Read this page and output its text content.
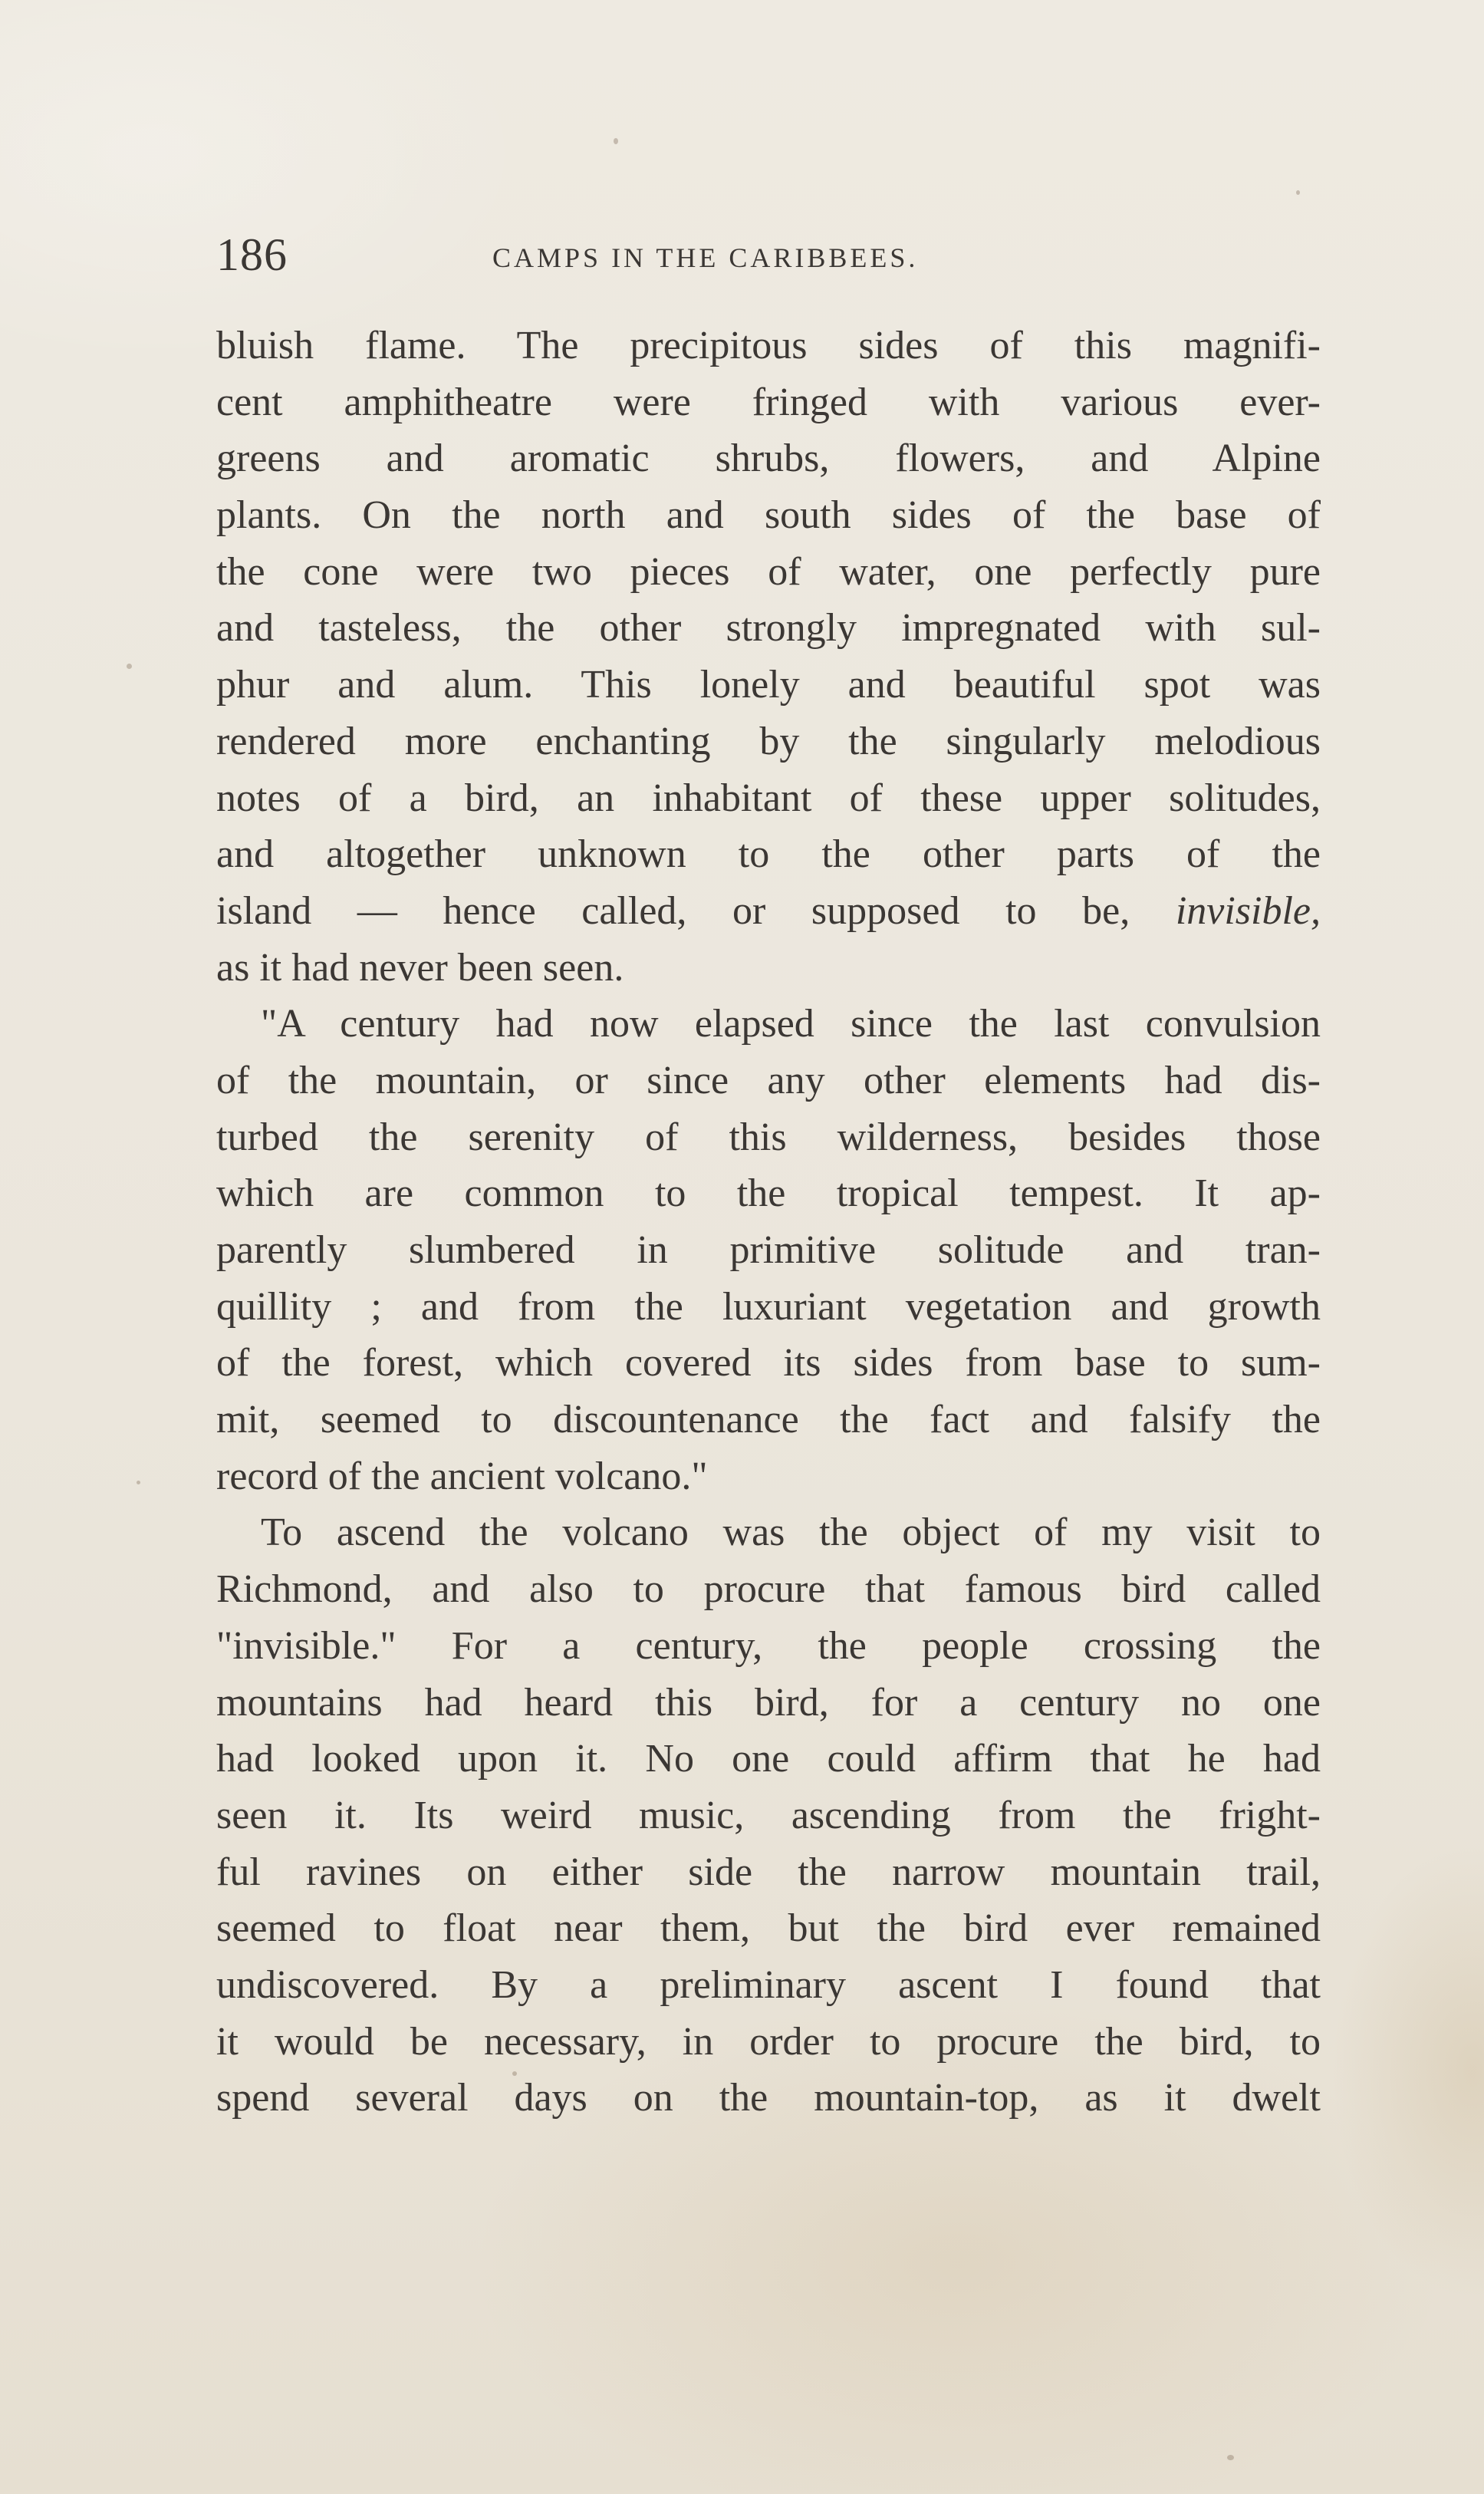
186	CAMPS IN THE CARIBBEES.
bluish flame. The precipitous sides of this magnifi-
cent amphitheatre were fringed with various ever-
greens and aromatic shrubs, flowers, and Alpine
plants. On the north and south sides of the base of
the cone were two pieces of water, one perfectly pure
and tasteless, the other strongly impregnated with sul-
phur and alum. This lonely and beautiful spot was
rendered more enchanting by the singularly melodious
notes of a bird, an inhabitant of these upper solitudes,
and altogether unknown to the other parts of the
island — hence called, or supposed to be, invisible,
as it had never been seen.
"A century had now elapsed since the last convulsion
of the mountain, or since any other elements had dis-
turbed the serenity of this wilderness, besides those
which are common to the tropical tempest. It ap-
parently slumbered in primitive solitude and tran-
quillity ; and from the luxuriant vegetation and growth
of the forest, which covered its sides from base to sum-
mit, seemed to discountenance the fact and falsify the
record of the ancient volcano."
To ascend the volcano was the object of my visit to
Richmond, and also to procure that famous bird called
"invisible." For a century, the people crossing the
mountains had heard this bird, for a century no one
had looked upon it. No one could affirm that he had
seen it. Its weird music, ascending from the fright-
ful ravines on either side the narrow mountain trail,
seemed to float near them, but the bird ever remained
undiscovered. By a preliminary ascent I found that
it would be necessary, in order to procure the bird, to
spend several days on the mountain-top, as it dwelt
